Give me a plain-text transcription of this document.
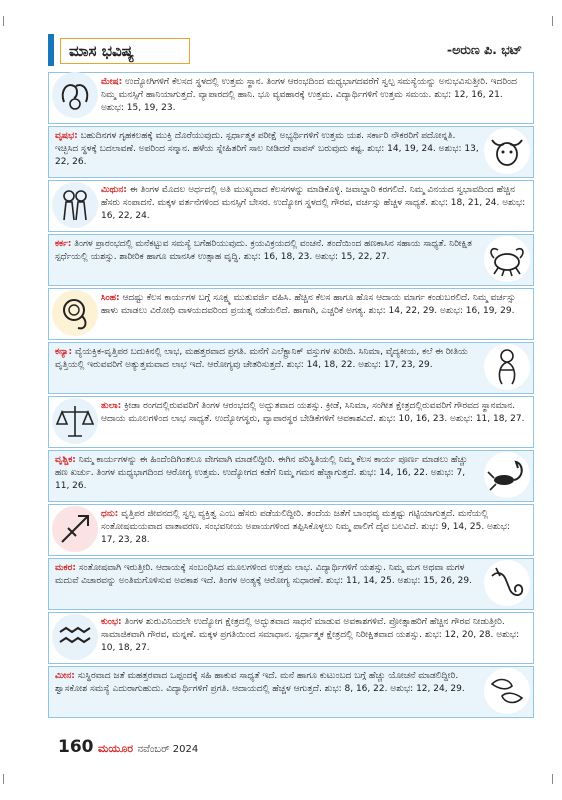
ಮಾಸ ಭವಿಷ್ಯ	-ಅರುಣ ಪಿ. ಭಟ್
ಮೇಷ: ಉದ್ಯೋಗಿಗಳಿಗೆ ಕೆಲಸದ ಸ್ಥಳದಲ್ಲಿ ಉತ್ತಮ ಸ್ಥಾನ. ತಿಂಗಳ ಆರಂಭದಿಂದ ಮಧ್ಯಭಾಗದವರೆಗೆ ಸ್ವಲ್ಪ ಸಮಸ್ಯೆಯನ್ನು ಅನುಭವಿಸುತ್ತೀರಿ. ಇದರಿಂದ ನಿಮ್ಮ ಮನಸ್ಸಿಗೆ ಹಾನಿಯಾಗುತ್ತದೆ. ವ್ಯಾಪಾರದಲ್ಲಿ ಹಾನಿ. ಭೂ ವ್ಯವಹಾರಕ್ಕೆ ಉತ್ತಮ. ವಿದ್ಯಾರ್ಥಿಗಳಿಗೆ ಉತ್ತಮ ಸಮಯ. ಶುಭ: 12, 16, 21. ಅಶುಭ: 15, 19, 23.
ವೃಷಭ: ಬಹುದಿನಗಳ ಗೃಹಕಲಹಕ್ಕೆ ಮುಕ್ತಿ ದೊರೆಯುವುದು. ಸ್ಪರ್ಧಾತ್ಮಕ ಪರೀಕ್ಷೆ ಅಭ್ಯರ್ಥಿಗಳಿಗೆ ಉತ್ತಮ ಯಶ. ಸರ್ಕಾರಿ ನೌಕರರಿಗೆ ಪದೋನ್ನತಿ. ಇಚ್ಛಿಸಿದ ಸ್ಥಳಕ್ಕೆ ಬದಲಾವಣೆ. ಅಪರಿಂದ ಸನ್ಮಾನ. ಹಳೆಯ ಸ್ನೇಹಿತರಿಗೆ ಸಾಲ ನೀಡಿದರೆ ವಾಪಸ್ ಬರುವುದು ಕಷ್ಟ. ಶುಭ: 14, 19, 24. ಅಶುಭ: 13, 22, 26.
ಮಿಥುನ: ಈ ತಿಂಗಳ ಮೊದಲ ಅರ್ಧದಲ್ಲಿ ಅತಿ ಮುಖ್ಯವಾದ ಕೆಲಸಗಳನ್ನು ಮಾಡಿಕೊಳ್ಳಿ. ಜವಾಬ್ದಾರಿ ಕರಗಲಿದೆ. ನಿಮ್ಮ ವಿನಯದ ಸ್ವಭಾವದಿಂದ ಹೆಚ್ಚಿನ ಹೆಸರು ಸಂಪಾದನೆ. ಮಕ್ಕಳ ವರ್ತನೆಗಳಿಂದ ಮನಸ್ಸಿಗೆ ಬೇಸರ. ಉದ್ಯೋಗ ಸ್ಥಳದಲ್ಲಿ ಗೌರವ, ವರ್ಚಸ್ಸು ಹೆಚ್ಚಳ ಸಾಧ್ಯತೆ. ಶುಭ: 18, 21, 24. ಅಶುಭ: 16, 22, 24.
ಕರ್ಕ: ತಿಂಗಳ ಪ್ರಾರಂಭದಲ್ಲಿ ಮನೆಕಟ್ಟುವ ಸಮಸ್ಯೆ ಬಗೆಹರಿಯುವುದು. ಕ್ರಯವಿಕ್ರಯದಲ್ಲಿ ವಂಚನೆ. ತಂದೆಯಿಂದ ಹಣಕಾಸಿನ ಸಹಾಯ ಸಾಧ್ಯತೆ. ನಿರೀಕ್ಷಿತ ಸ್ಪರ್ಧೆಯಲ್ಲಿ ಯಶಸ್ಸು. ಶಾರೀರಿಕ ಹಾಗೂ ಮಾನಸಿಕ ಉತ್ಸಾಹ ವೃದ್ಧಿ. ಶುಭ: 16, 18, 23. ಅಶುಭ: 15, 22, 27.
ಸಿಂಹ: ಆದಷ್ಟು ಕೆಲಸ ಕಾರ್ಯಗಳ ಬಗ್ಗೆ ಸೂಕ್ಷ್ಮ ಮುತುವರ್ಜಿ ವಹಿಸಿ. ಹೆಚ್ಚಿನ ಕೆಲಸ ಹಾಗೂ ಹೊಸ ಆದಾಯ ಮಾರ್ಗ ಕಂಡುಬರಲಿದೆ. ನಿಮ್ಮ ವರ್ಚಸ್ಸು ಹಾಳು ಮಾಡಲು ವಿರೋಧಿ ವಾಳಯದವರಿಂದ ಪ್ರಯತ್ನ ನಡೆಯಲಿದೆ. ಹಾಗಾಗಿ, ಎಚ್ಚರಿಕೆ ಅಗತ್ಯ. ಶುಭ: 14, 22, 29. ಅಶುಭ: 16, 19, 29.
ಕನ್ಯಾ: ವ್ಯೆಯಕ್ತಿಕ-ವೃತ್ತಿಪರ ಬದುಕಿನಲ್ಲಿ ಲಾಭ, ಮಹತ್ತರವಾದ ಪ್ರಗತಿ. ಮನೆಗೆ ಎಲೆಕ್ಟ್ರಾನಿಕ್ ವಸ್ತುಗಳ ಖರೀದಿ. ಸಿನಿಮಾ, ವೈದ್ಯಕೀಯ, ಕಲೆ ಈ ರೀತಿಯ ವೃತ್ತಿಯಲ್ಲಿ ಇರುವವರಿಗೆ ಅತ್ಯುತ್ತಮವಾದ ಲಾಭ ಇದೆ. ಆರೋಗ್ಯವು ಚೇತರಿಸುತ್ತದೆ. ಶುಭ: 14, 18, 22. ಅಶುಭ: 17, 23, 29.
ತುಲಾ: ಕ್ರೀಡಾ ರಂಗದಲ್ಲಿರುವವರಿಗೆ ತಿಂಗಳ ಆರಂಭದಲ್ಲಿ ಅದ್ಭುತವಾದ ಯಶಸ್ಸು. ಕ್ರೀಡೆ, ಸಿನಿಮಾ, ಸಂಗೀತ ಕ್ಷೇತ್ರದಲ್ಲಿರುವವರಿಗೆ ಗೌರವದ ಸ್ಥಾನಮಾನ. ಆದಾಯ ಮೂಲಗಳಿಂದ ಲಾಭ ಸಾಧ್ಯತೆ. ಉದ್ಯೋಗಸ್ಥರು, ವ್ಯಾಪಾರಸ್ಥರ ಬೇಡಿಕೆಗಳಿಗೆ ಆವಕಾಶವಿದೆ. ಶುಭ: 10, 16, 23. ಅಶುಭ: 11, 18, 27.
ವೃಶ್ಚಿಕ: ನಿಮ್ಮ ಕಾರ್ಯಗಳನ್ನು ಈ ಹಿಂದೆಂದಿಗಿಂತಲೂ ವೇಗವಾಗಿ ಮಾಡಲಿದ್ದೀರಿ. ಈಗಿನ ಪರಿಸ್ಥಿತಿಯಲ್ಲಿ ನಿಮ್ಮ ಕೆಲಸ ಕಾರ್ಯ ಪೂರ್ಣ ಮಾಡಲು ಹೆಚ್ಚು ಹಣ ಖರ್ಚು. ತಿಂಗಳ ಮಧ್ಯಭಾಗದಿಂದ ಆರೋಗ್ಯ ಉತ್ತಮ. ಉದ್ಯೋಗದ ಕಡೆಗೆ ನಿಮ್ಮ ಗಮನ ಹೆಚ್ಚಾಗುತ್ತದೆ. ಶುಭ: 14, 16, 22. ಅಶುಭ: 7, 11, 26.
ಧನು: ವೃತ್ತಿಪರ ಜೀವನದಲ್ಲಿ ಸ್ವಲ್ಪ ವ್ಯಕ್ತಿತ್ವ ಎಂಬ ಹೆಸರು ಪಡೆಯಲಿದ್ದೀರಿ. ತಂದೆಯ ಜತೆಗೆ ಬಾಂಧವ್ಯ ಮತ್ತಷ್ಟು ಗಟ್ಟಿಯಾಗುತ್ತದೆ. ಮನೆಯಲ್ಲಿ ಸಂತೋಷಮಯವಾದ ವಾತಾವರಣ. ಸಂಭವನೀಯ ಅಪಾಯಗಳಿಂದ ತಪ್ಪಿಸಿಕೊಳ್ಳಲು ನಿಮ್ಮ ಪಾಲಿಗೆ ದೈವ ಬಲವಿದೆ. ಶುಭ: 9, 14, 25. ಅಶುಭ: 17, 23, 28.
ಮಕರ: ಸಂತೋಷವಾಗಿ ಇರುತ್ತೀರಿ. ಆದಾಯಕ್ಕೆ ಸಂಬಂಧಿಸಿದ ಮೂಲಗಳಿಂದ ಉತ್ತಮ ಲಾಭ. ವಿದ್ಯಾರ್ಥಿಗಳಿಗೆ ಯಶಸ್ಸು. ನಿಮ್ಮ ಮಗ ಅಥವಾ ಮಗಳ ಮದುವೆ ವಿಚಾರವನ್ನು ಅಂತಿಮಗೊಳಿಸುವ ಅವಕಾಶ ಇದೆ. ತಿಂಗಳ ಅಂತ್ಯಕ್ಕೆ ಆರೋಗ್ಯ ಸುಧಾರಣೆ. ಶುಭ: 11, 14, 25. ಅಶುಭ: 15, 26, 29.
ಕುಂಭ: ತಿಂಗಳ ಶುರುವಿನಿಂದಲೇ ಉದ್ಯೋಗ ಕ್ಷೇತ್ರದಲ್ಲಿ ಅದ್ಭುತವಾದ ಸಾಧನೆ ಮಾಡುವ ಅವಕಾಶಗಳಿವೆ. ಪ್ರೋತ್ಸಾಹರಿಗೆ ಹೆಚ್ಚಿನ ಗೌರವ ನೀಡುತ್ತೀರಿ. ಸಾಮಾಜಿಕವಾಗಿ ಗೌರವ, ಮನ್ನಣೆ. ಮಕ್ಕಳ ಪ್ರಗತಿಯಿಂದ ಸಮಾಧಾನ. ಸ್ಪರ್ಧಾತ್ಮಕ ಕ್ಷೇತ್ರದಲ್ಲಿ ನಿರೀಕ್ಷಿತವಾದ ಯಶಸ್ಸು. ಶುಭ: 12, 20, 28. ಅಶುಭ: 10, 18, 27.
ಮೀನ: ಸುಸ್ಥಿರವಾದ ಜತೆ ಮಹತ್ತರವಾದ ಒಪ್ಪಂದಕ್ಕೆ ಸಹಿ ಹಾಕುವ ಸಾಧ್ಯತೆ ಇದೆ. ಮನೆ ಹಾಗೂ ಕುಟುಂಬದ ಬಗ್ಗೆ ಹೆಚ್ಚು ಯೋಚನೆ ಮಾಡಲಿದ್ದೀರಿ. ಶ್ವಾಸಕೋಶ ಸಮಸ್ಯೆ ಎದುರಾಗುಹುದು. ವಿದ್ಯಾರ್ಥಿಗಳಿಗೆ ಪ್ರಗತಿ. ಆದಾಯದಲ್ಲಿ ಹೆಚ್ಚಳ ಆಗುತ್ತದೆ. ಶುಭ: 8, 16, 22. ಅಶುಭ: 12, 24, 29.
160 ಮಯೂರ ನವೆಂಬರ್ 2024
